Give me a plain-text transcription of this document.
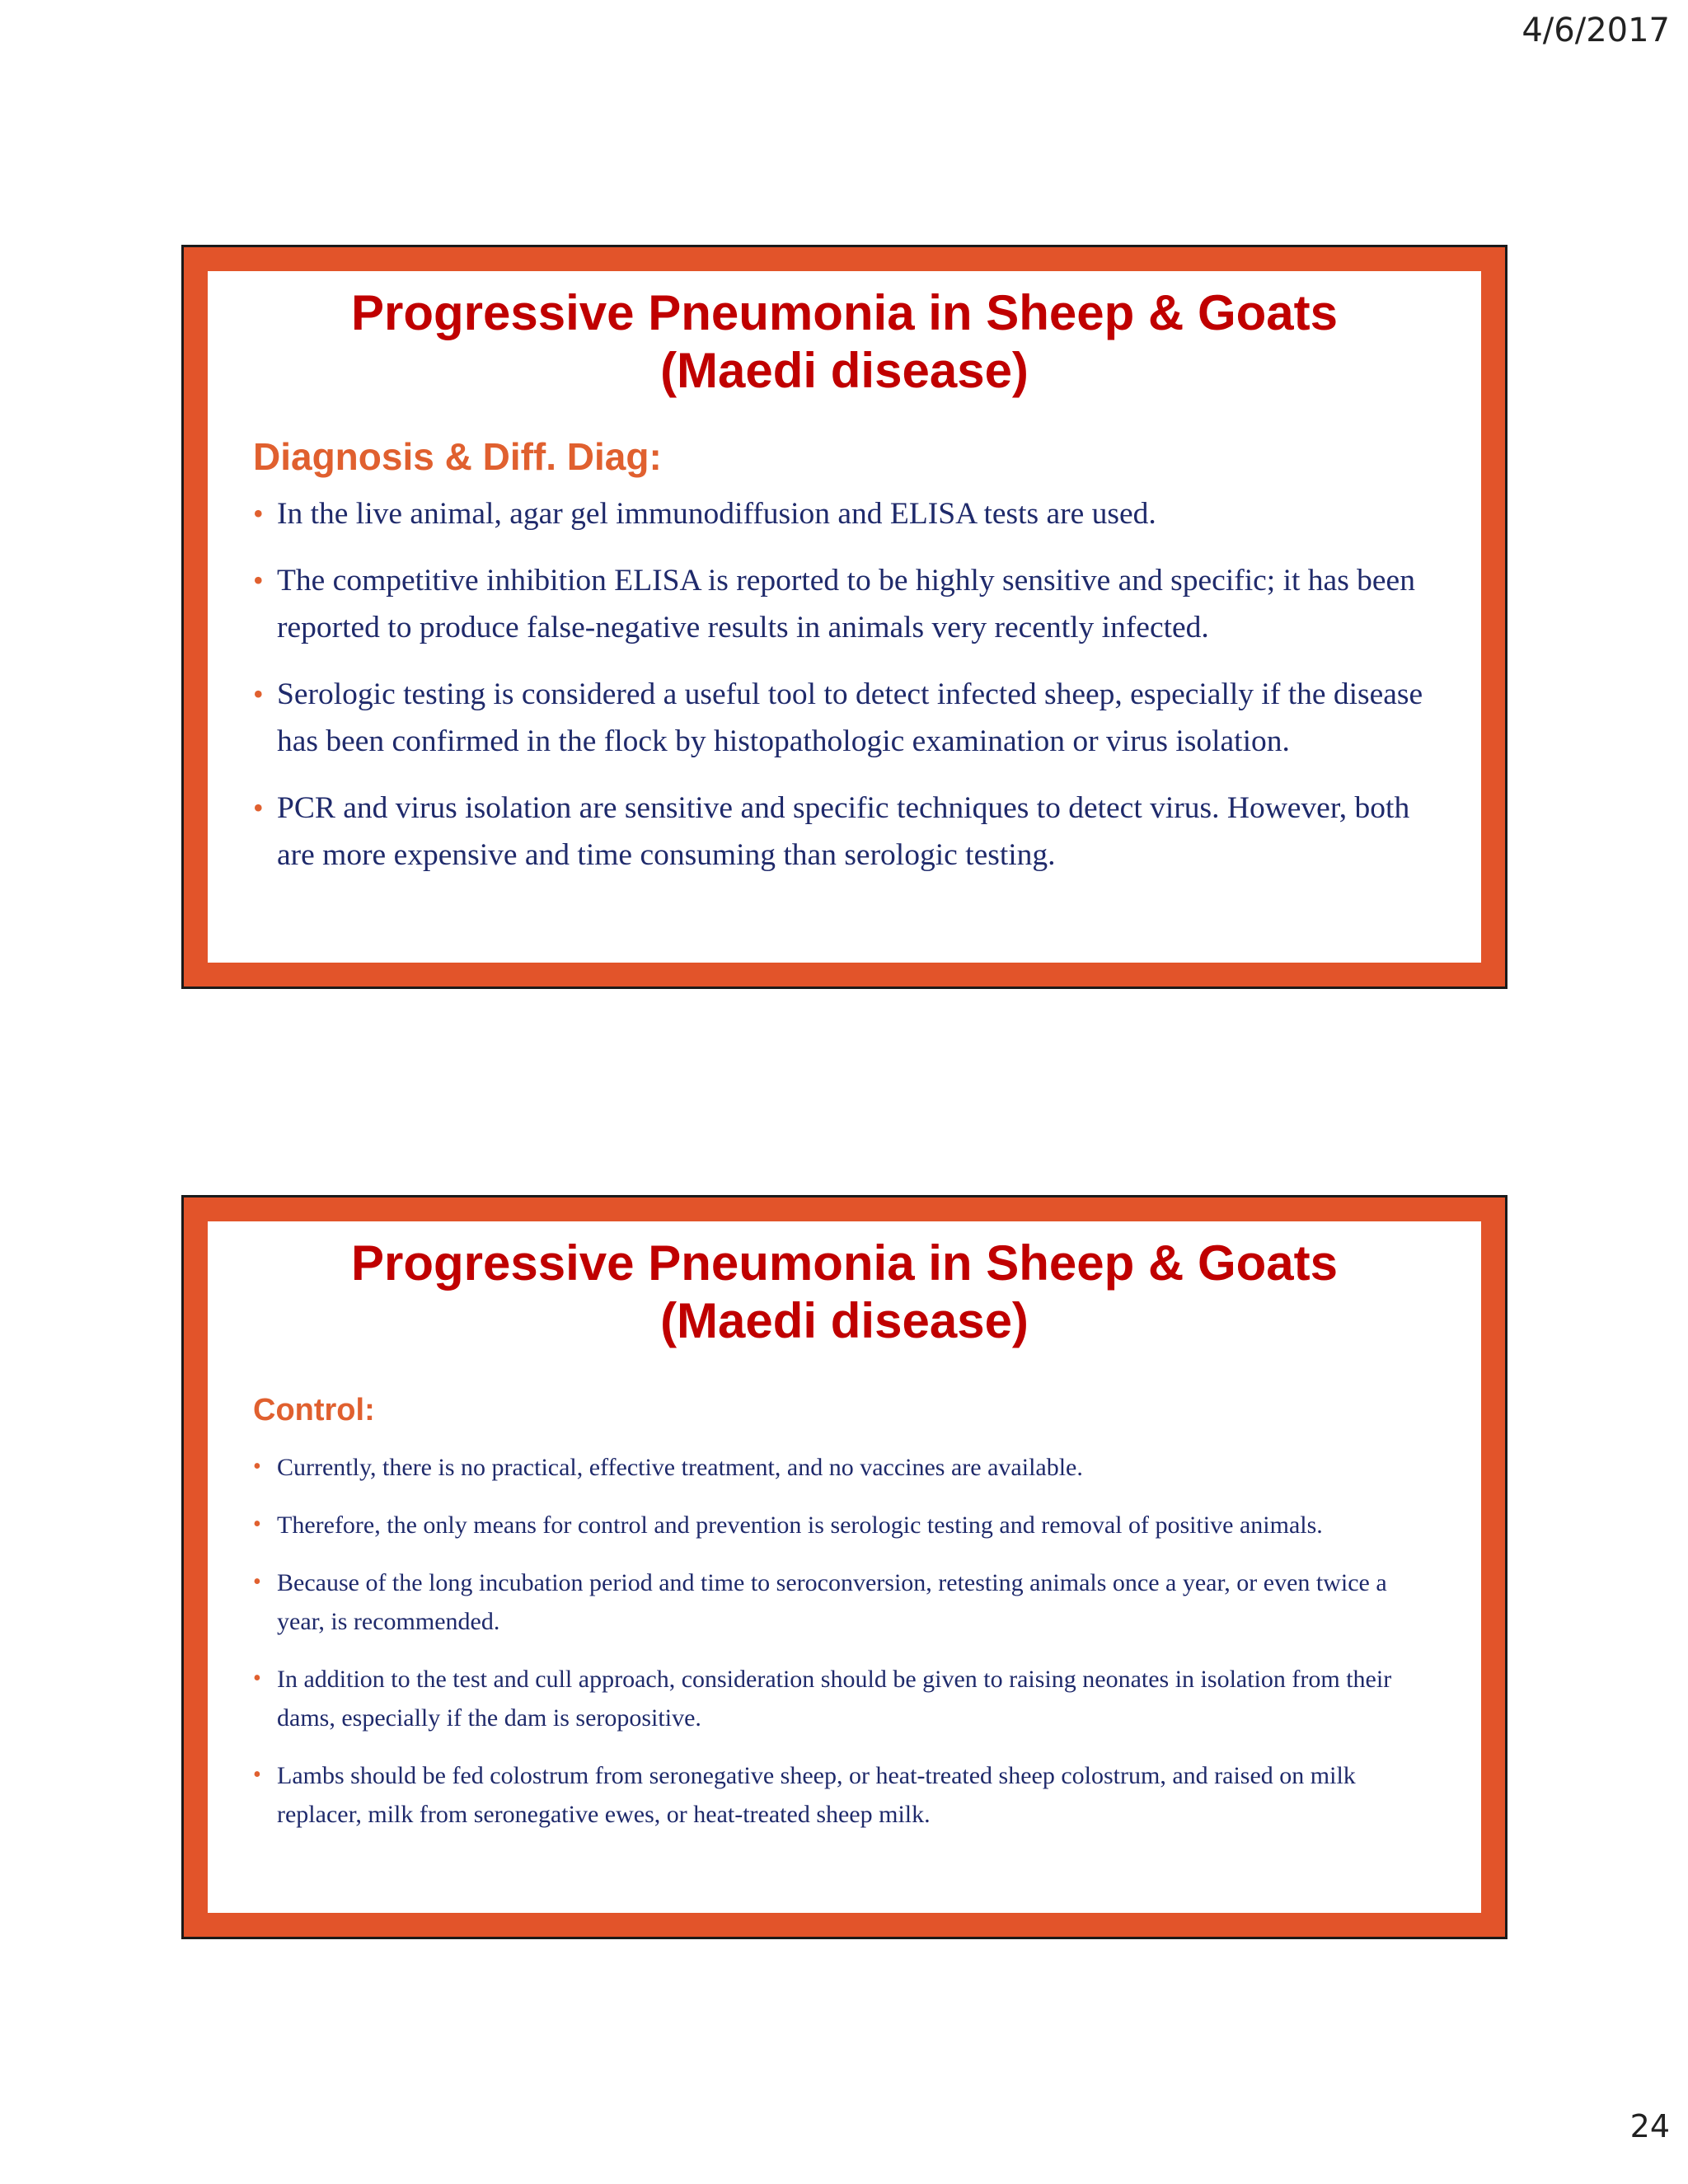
4/6/2017
Progressive Pneumonia in Sheep & Goats
(Maedi disease)
Diagnosis & Diff. Diag:
• In the live animal, agar gel immunodiffusion and ELISA tests are used.
• The competitive inhibition ELISA is reported to be highly sensitive and specific; it has been reported to produce false-negative results in animals very recently infected.
• Serologic testing is considered a useful tool to detect infected sheep, especially if the disease has been confirmed in the flock by histopathologic examination or virus isolation.
• PCR and virus isolation are sensitive and specific techniques to detect virus. However, both are more expensive and time consuming than serologic testing.
Progressive Pneumonia in Sheep & Goats
(Maedi disease)
Control:
• Currently, there is no practical, effective treatment, and no vaccines are available.
• Therefore, the only means for control and prevention is serologic testing and removal of positive animals.
• Because of the long incubation period and time to seroconversion, retesting animals once a year, or even twice a year, is recommended.
• In addition to the test and cull approach, consideration should be given to raising neonates in isolation from their dams, especially if the dam is seropositive.
• Lambs should be fed colostrum from seronegative sheep, or heat-treated sheep colostrum, and raised on milk replacer, milk from seronegative ewes, or heat-treated sheep milk.
24
